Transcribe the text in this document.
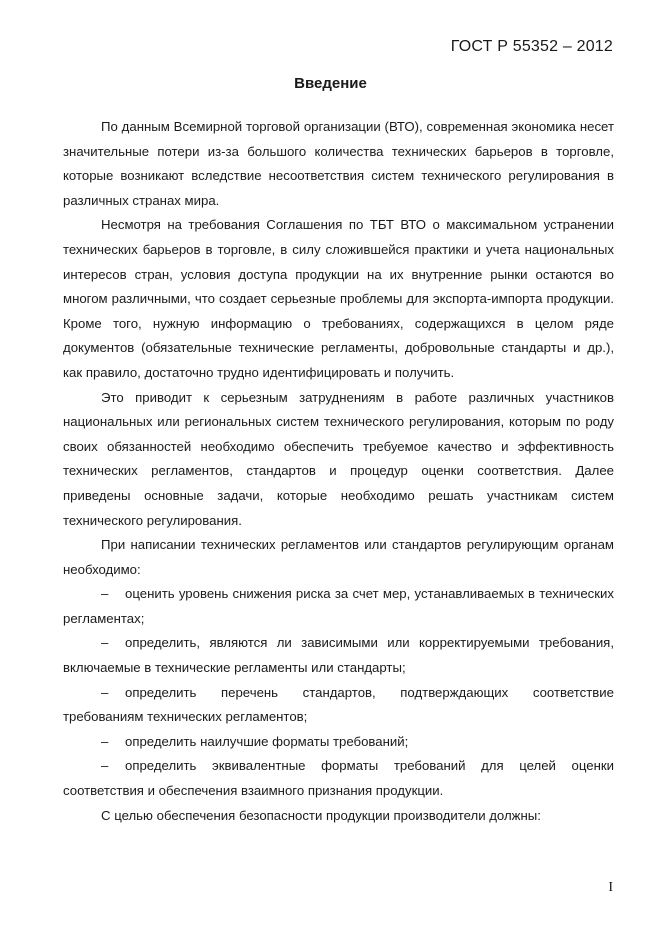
ГОСТ Р 55352 – 2012
Введение

По данным Всемирной торговой организации (ВТО), современная экономика несет значительные потери из-за большого количества технических барьеров в торговле, которые возникают вследствие несоответствия систем технического регулирования в различных странах мира.

Несмотря на требования Соглашения по ТБТ ВТО о максимальном устранении технических барьеров в торговле, в силу сложившейся практики и учета национальных интересов стран, условия доступа продукции на их внутренние рынки остаются во многом различными, что создает серьезные проблемы для экспорта-импорта продукции. Кроме того, нужную информацию о требованиях, содержащихся в целом ряде документов (обязательные технические регламенты, добровольные стандарты и др.), как правило, достаточно трудно идентифицировать и получить.

Это приводит к серьезным затруднениям в работе различных участников национальных или региональных систем технического регулирования, которым по роду своих обязанностей необходимо обеспечить требуемое качество и эффективность технических регламентов, стандартов и процедур оценки соответствия. Далее приведены основные задачи, которые необходимо решать участникам систем технического регулирования.

При написании технических регламентов или стандартов регулирующим органам необходимо:

– оценить уровень снижения риска за счет мер, устанавливаемых в технических регламентах;

– определить, являются ли зависимыми или корректируемыми требования, включаемые в технические регламенты или стандарты;

– определить перечень стандартов, подтверждающих соответствие требованиям технических регламентов;

– определить наилучшие форматы требований;

– определить эквивалентные форматы требований для целей оценки соответствия и обеспечения взаимного признания продукции.

С целью обеспечения безопасности продукции производители должны:

I
